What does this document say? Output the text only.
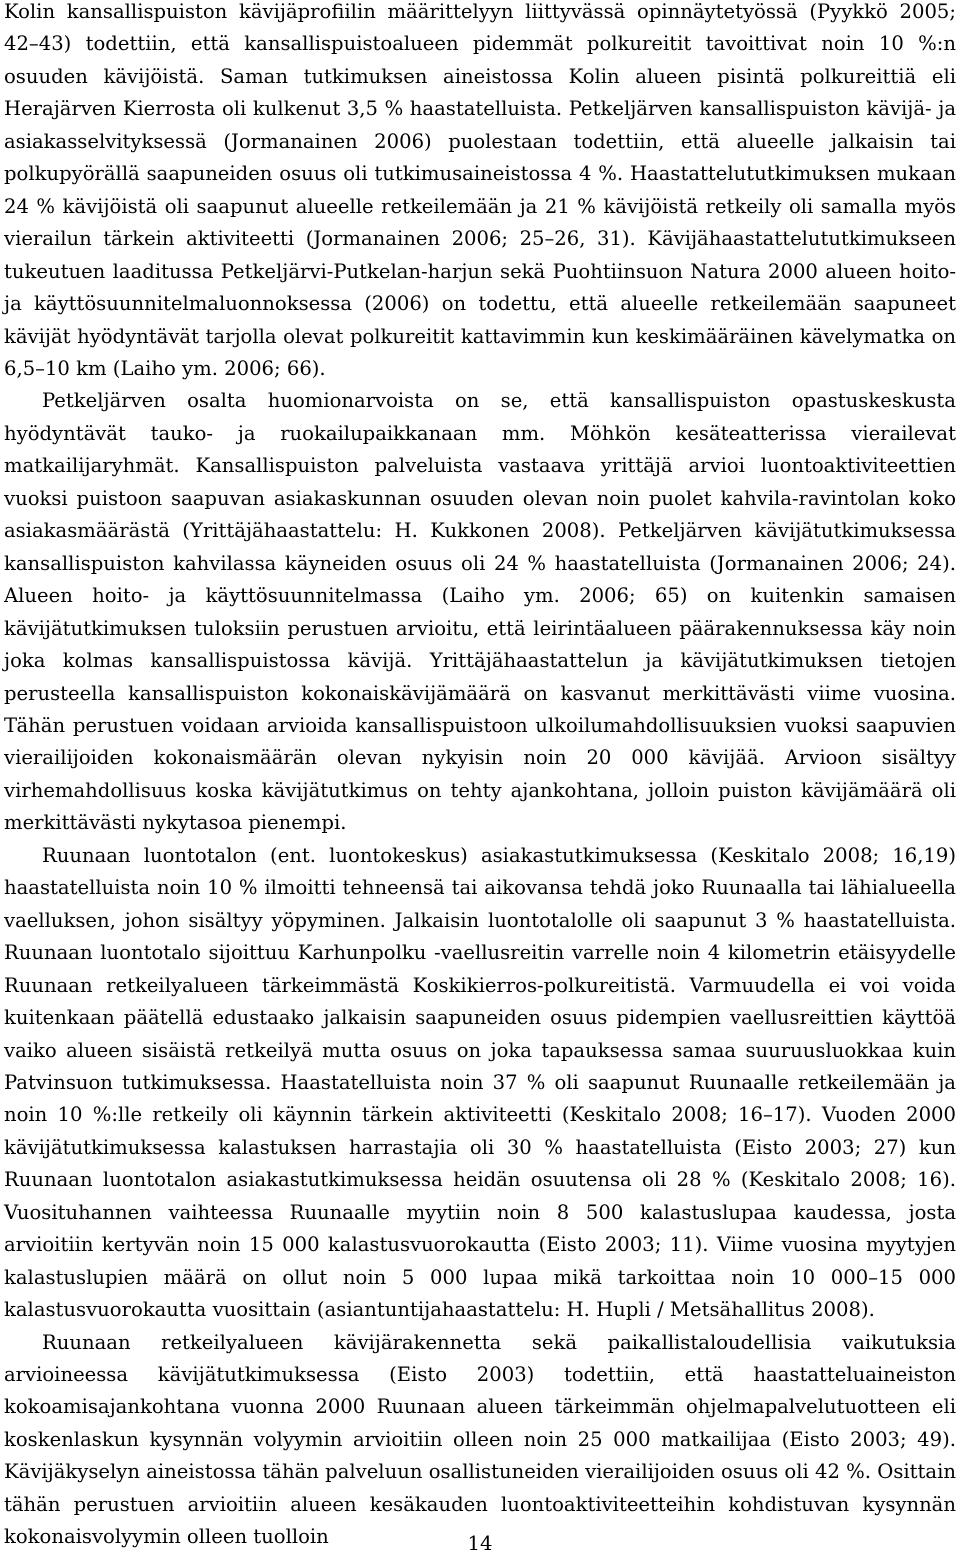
Kolin kansallispuiston kävijäprofiilin määrittelyyn liittyvässä opinnäytetyössä (Pyykkö 2005; 42–43) todettiin, että kansallispuistoalueen pidemmät polkureitit tavoittivat noin 10 %:n osuuden kävijöistä. Saman tutkimuksen aineistossa Kolin alueen pisintä polkureittiä eli Herajärven Kierrosta oli kulkenut 3,5 % haastatelluista. Petkeljärven kansallispuiston kävijä- ja asiakasselvityksessä (Jormanainen 2006) puolestaan todettiin, että alueelle jalkaisin tai polkupyörällä saapuneiden osuus oli tutkimusaineistossa 4 %. Haastattelututkimuksen mukaan 24 % kävijöistä oli saapunut alueelle retkeilemään ja 21 % kävijöistä retkeily oli samalla myös vierailun tärkein aktiviteetti (Jormanainen 2006; 25–26, 31). Kävijähaastattelututkimukseen tukeutuen laaditussa Petkeljärvi-Putkelan-harjun sekä Puohtiinsuon Natura 2000 alueen hoito- ja käyttösuunnitelmaluonnoksessa (2006) on todettu, että alueelle retkeilemään saapuneet kävijät hyödyntävät tarjolla olevat polkureitit kattavimmin kun keskimääräinen kävelymatka on 6,5–10 km (Laiho ym. 2006; 66).

Petkeljärven osalta huomionarvoista on se, että kansallispuiston opastuskeskusta hyödyntävät tauko- ja ruokailupaikkanaan mm. Möhkön kesäteatterissa vierailevat matkailijaryhmät. Kansallispuiston palveluista vastaava yrittäjä arvioi luontoaktiviteettien vuoksi puistoon saapuvan asiakaskunnan osuuden olevan noin puolet kahvila-ravintolan koko asiakasmäärästä (Yrittäjähaastattelu: H. Kukkonen 2008). Petkeljärven kävijätutkimuksessa kansallispuiston kahvilassa käyneiden osuus oli 24 % haastatelluista (Jormanainen 2006; 24). Alueen hoito- ja käyttösuunnitelmassa (Laiho ym. 2006; 65) on kuitenkin samaisen kävijätutkimuksen tuloksiin perustuen arvioitu, että leirintäalueen päärakennuksessa käy noin joka kolmas kansallispuistossa kävijä. Yrittäjähaastattelun ja kävijätutkimuksen tietojen perusteella kansallispuiston kokonaiskävijämäärä on kasvanut merkittävästi viime vuosina. Tähän perustuen voidaan arvioida kansallispuistoon ulkoilumahdollisuuksien vuoksi saapuvien vierailijoiden kokonaismäärän olevan nykyisin noin 20 000 kävijää. Arvioon sisältyy virhemahdollisuus koska kävijätutkimus on tehty ajankohtana, jolloin puiston kävijämäärä oli merkittävästi nykytasoa pienempi.

Ruunaan luontotalon (ent. luontokeskus) asiakastutkimuksessa (Keskitalo 2008; 16,19) haastatelluista noin 10 % ilmoitti tehneensä tai aikovansa tehdä joko Ruunaalla tai lähialueella vaelluksen, johon sisältyy yöpyminen. Jalkaisin luontotalolle oli saapunut 3 % haastatelluista. Ruunaan luontotalo sijoittuu Karhunpolku -vaellusreitin varrelle noin 4 kilometrin etäisyydelle Ruunaan retkeilyalueen tärkeimmästä Koskikierros-polkureitistä. Varmuudella ei voi voida kuitenkaan päätellä edustaako jalkaisin saapuneiden osuus pidempien vaellusreittien käyttöä vaiko alueen sisäistä retkeilyä mutta osuus on joka tapauksessa samaa suuruusluokkaa kuin Patvinsuon tutkimuksessa. Haastatelluista noin 37 % oli saapunut Ruunaalle retkeilemään ja noin 10 %:lle retkeily oli käynnin tärkein aktiviteetti (Keskitalo 2008; 16–17). Vuoden 2000 kävijätutkimuksessa kalastuksen harrastajia oli 30 % haastatelluista (Eisto 2003; 27) kun Ruunaan luontotalon asiakastutkimuksessa heidän osuutensa oli 28 % (Keskitalo 2008; 16). Vuosituhannen vaihteessa Ruunaalle myytiin noin 8 500 kalastuslupaa kaudessa, josta arvioitiin kertyvän noin 15 000 kalastusvuorokautta (Eisto 2003; 11). Viime vuosina myytyjen kalastuslupien määrä on ollut noin 5 000 lupaa mikä tarkoittaa noin 10 000–15 000 kalastusvuorokautta vuosittain (asiantuntijahaastattelu: H. Hupli / Metsähallitus 2008).

Ruunaan retkeilyalueen kävijärakennetta sekä paikallistaloudellisia vaikutuksia arvioineessa kävijätutkimuksessa (Eisto 2003) todettiin, että haastatteluaineiston kokoamisajankohtana vuonna 2000 Ruunaan alueen tärkeimmän ohjelmapalvelutuotteen eli koskenlaskun kysynnän volyymin arvioitiin olleen noin 25 000 matkailijaa (Eisto 2003; 49). Kävijäkyselyn aineistossa tähän palveluun osallistuneiden vierailijoiden osuus oli 42 %. Osittain tähän perustuen arvioitiin alueen kesäkauden luontoaktiviteetteihin kohdistuvan kysynnän kokonaisvolyymin olleen tuolloin	14
